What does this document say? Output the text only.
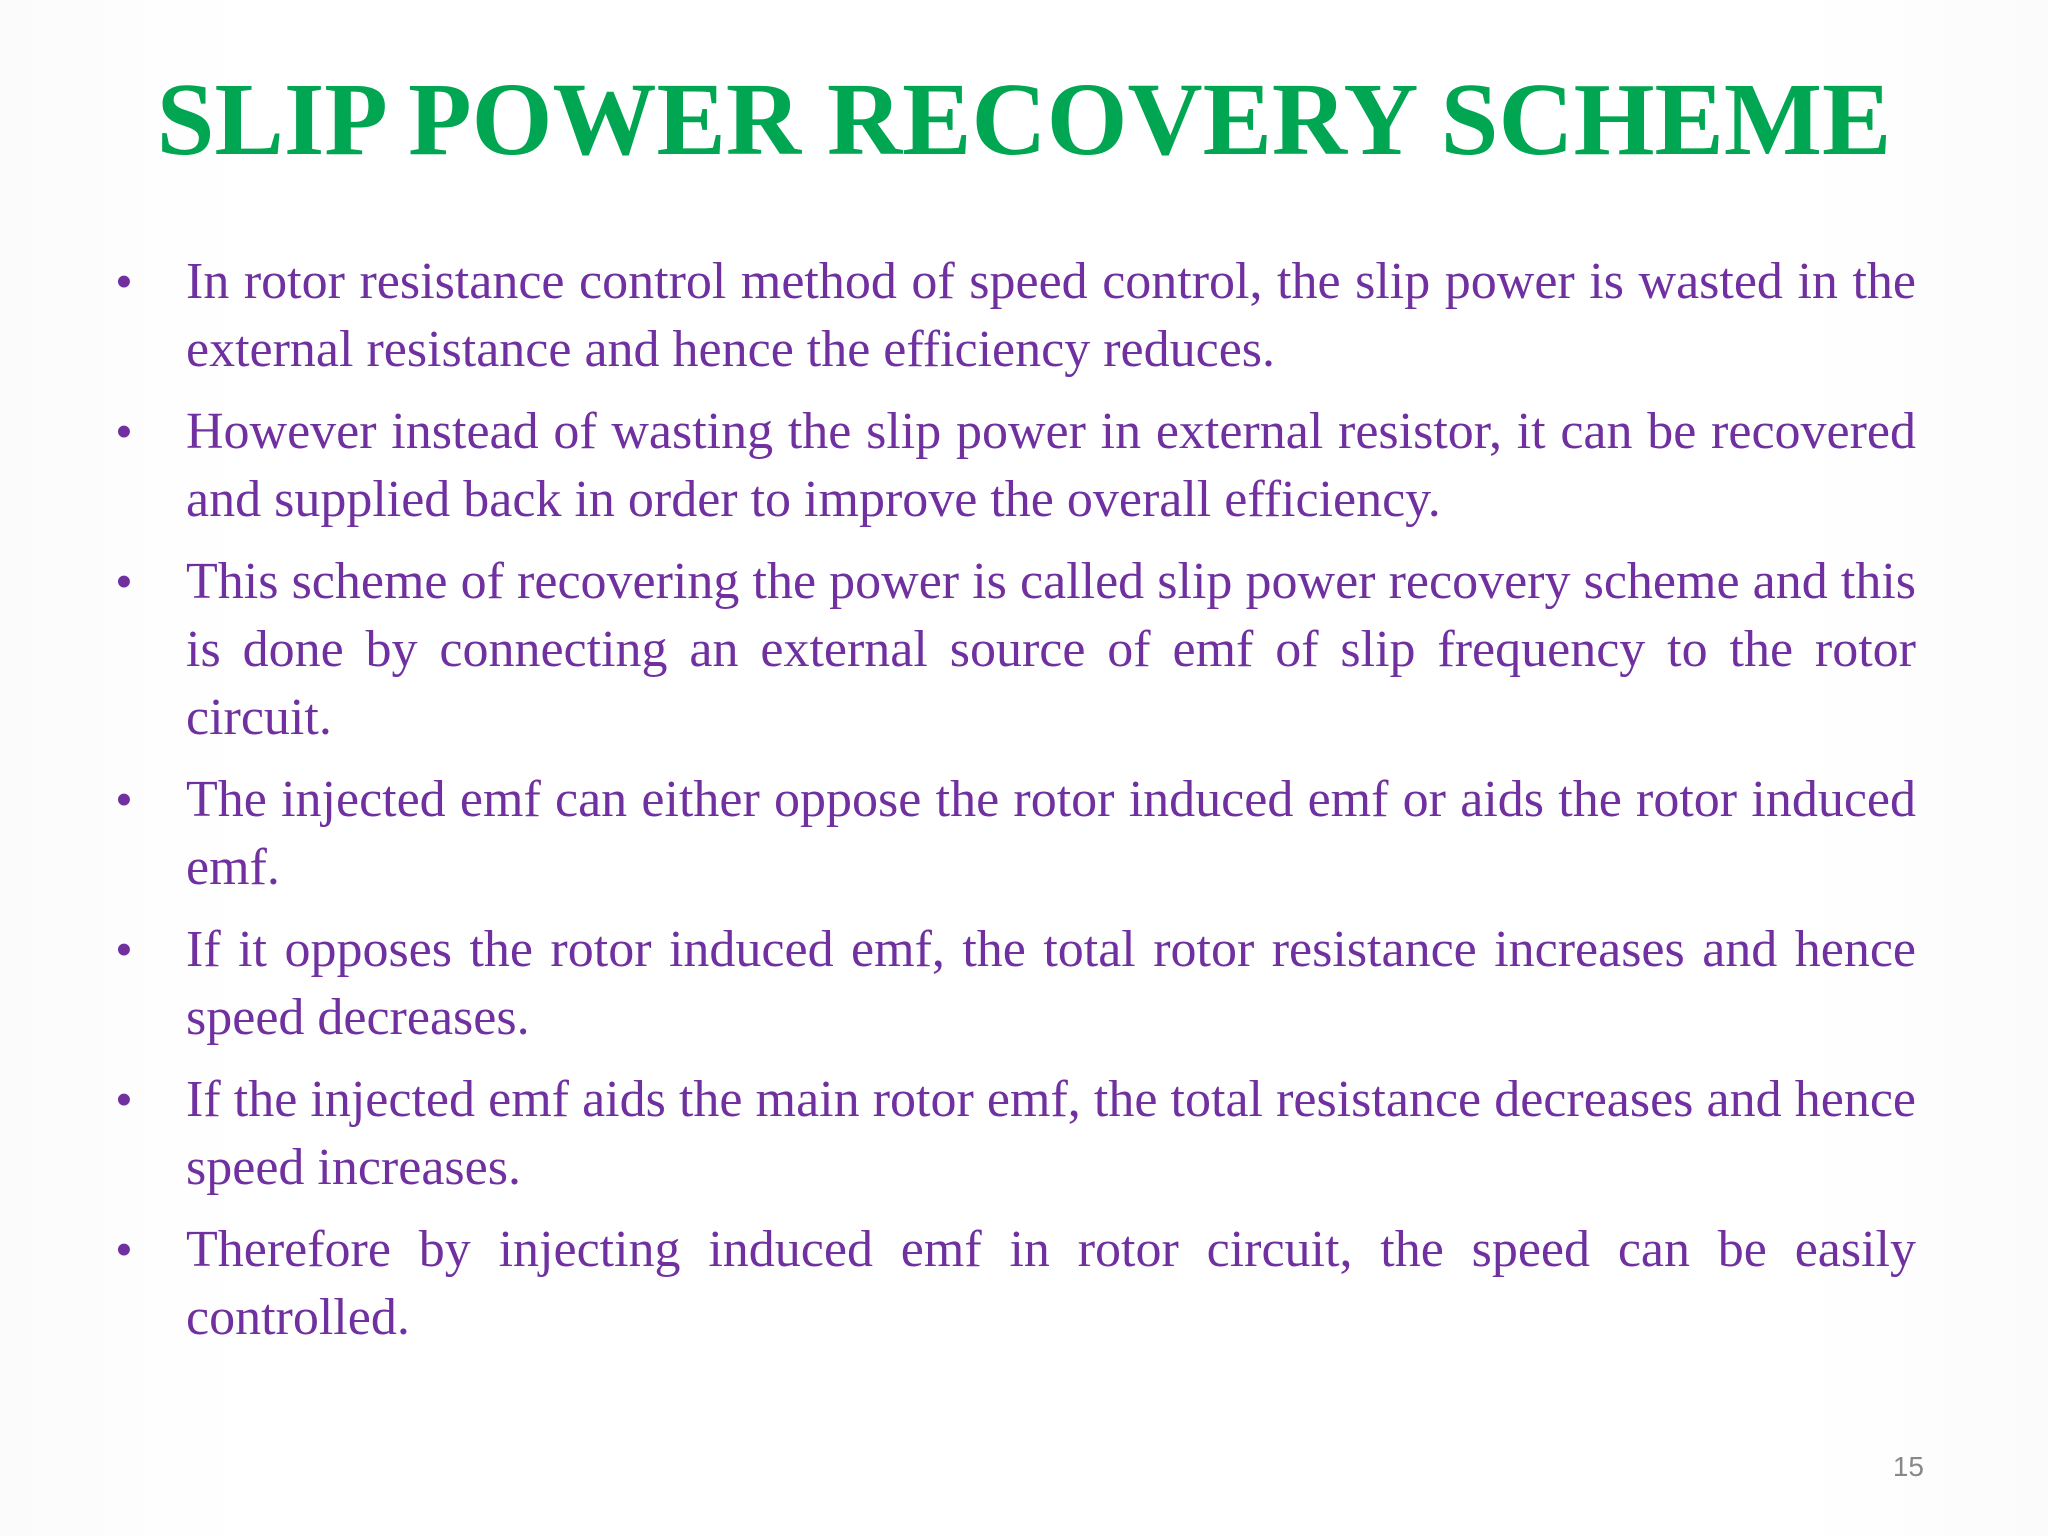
SLIP POWER RECOVERY SCHEME
• In rotor resistance control method of speed control, the slip power is wasted in the external resistance and hence the efficiency reduces.
• However instead of wasting the slip power in external resistor, it can be recovered and supplied back in order to improve the overall efficiency.
• This scheme of recovering the power is called slip power recovery scheme and this is done by connecting an external source of emf of slip frequency to the rotor circuit.
• The injected emf can either oppose the rotor induced emf or aids the rotor induced emf.
• If it opposes the rotor induced emf, the total rotor resistance increases and hence speed decreases.
• If the injected emf aids the main rotor emf, the total resistance decreases and hence speed increases.
• Therefore by injecting induced emf in rotor circuit, the speed can be easily controlled.
15
